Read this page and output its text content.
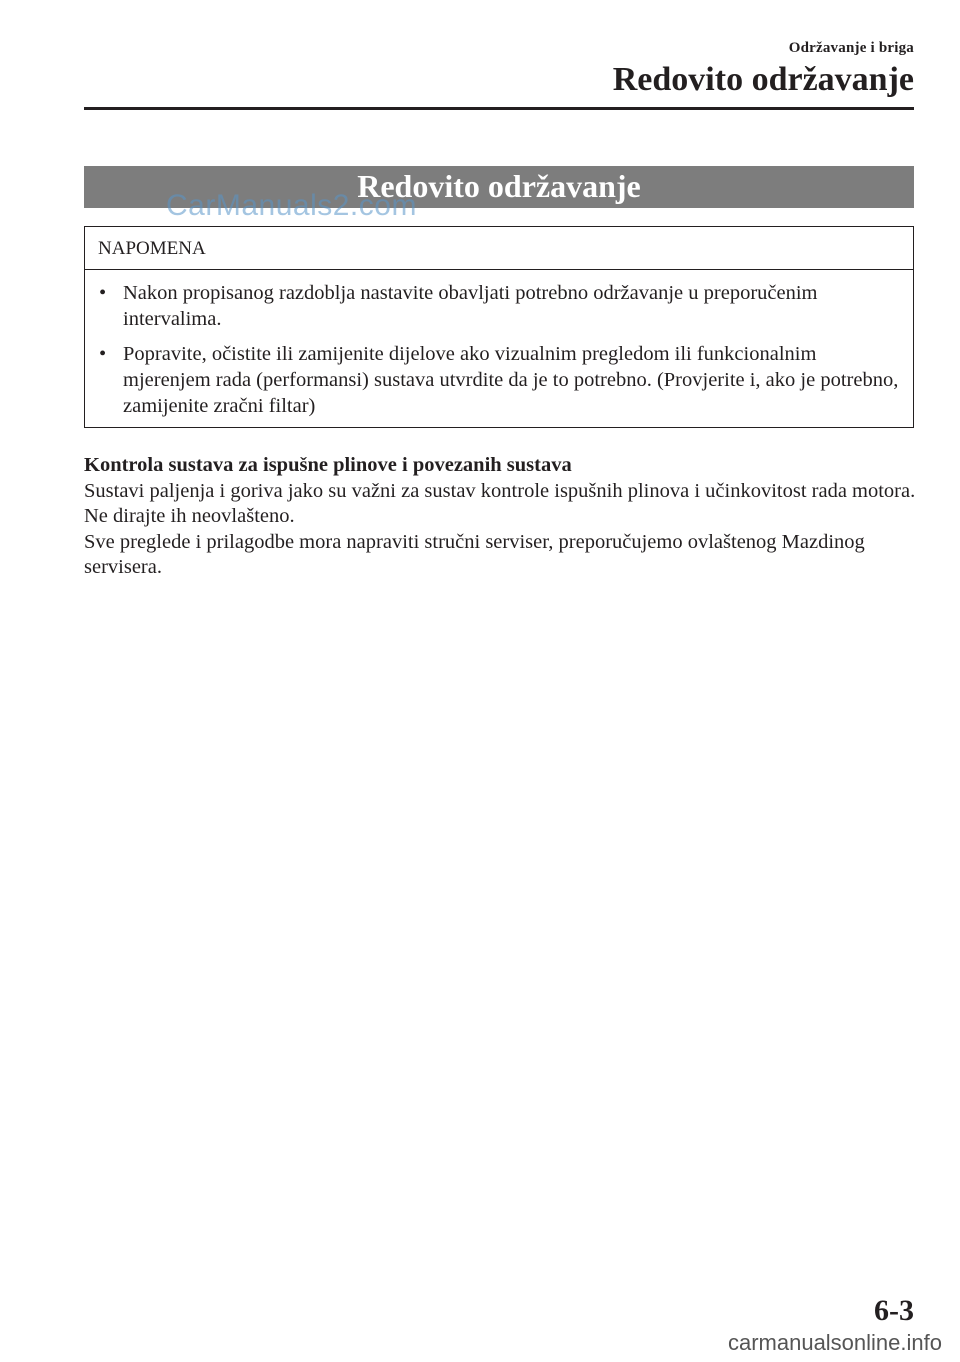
Održavanje i briga
Redovito održavanje
Redovito održavanje
CarManuals2.com
NAPOMENA
• Nakon propisanog razdoblja nastavite obavljati potrebno održavanje u preporučenim intervalima.
• Popravite, očistite ili zamijenite dijelove ako vizualnim pregledom ili funkcionalnim mjerenjem rada (performansi) sustava utvrdite da je to potrebno. (Provjerite i, ako je potrebno, zamijenite zračni filtar)
Kontrola sustava za ispušne plinove i povezanih sustava

Sustavi paljenja i goriva jako su važni za sustav kontrole ispušnih plinova i učinkovitost rada motora. Ne dirajte ih neovlašteno.

Sve preglede i prilagodbe mora napraviti stručni serviser, preporučujemo ovlaštenog Mazdinog servisera.

6-3
carmanualsonline.info
